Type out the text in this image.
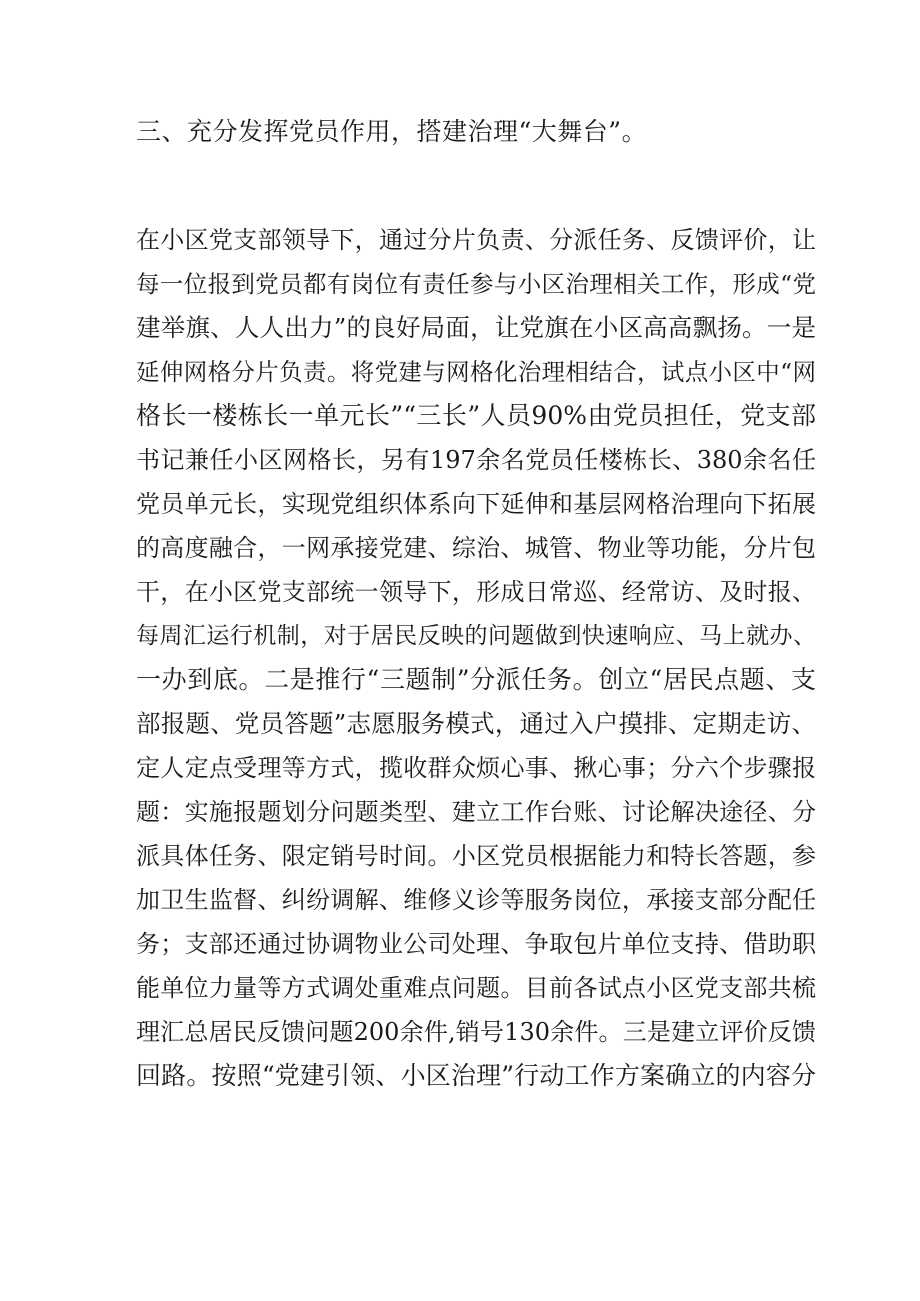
三、充分发挥党员作用，搭建治理“大舞台”。
在小区党支部领导下，通过分片负责、分派任务、反馈评价，让
每一位报到党员都有岗位有责任参与小区治理相关工作，形成“党
建举旗、人人出力”的良好局面，让党旗在小区高高飘扬。一是
延伸网格分片负责。将党建与网格化治理相结合，试点小区中“网
格长一楼栋长一单元长”“三长”人员90%由党员担任，党支部
书记兼任小区网格长，另有197余名党员任楼栋长、380余名任
党员单元长，实现党组织体系向下延伸和基层网格治理向下拓展
的高度融合，一网承接党建、综治、城管、物业等功能，分片包
干，在小区党支部统一领导下，形成日常巡、经常访、及时报、
每周汇运行机制，对于居民反映的问题做到快速响应、马上就办、
一办到底。二是推行“三题制”分派任务。创立“居民点题、支
部报题、党员答题”志愿服务模式，通过入户摸排、定期走访、
定人定点受理等方式，揽收群众烦心事、揪心事；分六个步骤报
题：实施报题划分问题类型、建立工作台账、讨论解决途径、分
派具体任务、限定销号时间。小区党员根据能力和特长答题，参
加卫生监督、纠纷调解、维修义诊等服务岗位，承接支部分配任
务；支部还通过协调物业公司处理、争取包片单位支持、借助职
能单位力量等方式调处重难点问题。目前各试点小区党支部共梳
理汇总居民反馈问题200余件,销号130余件。三是建立评价反馈
回路。按照“党建引领、小区治理”行动工作方案确立的内容分
